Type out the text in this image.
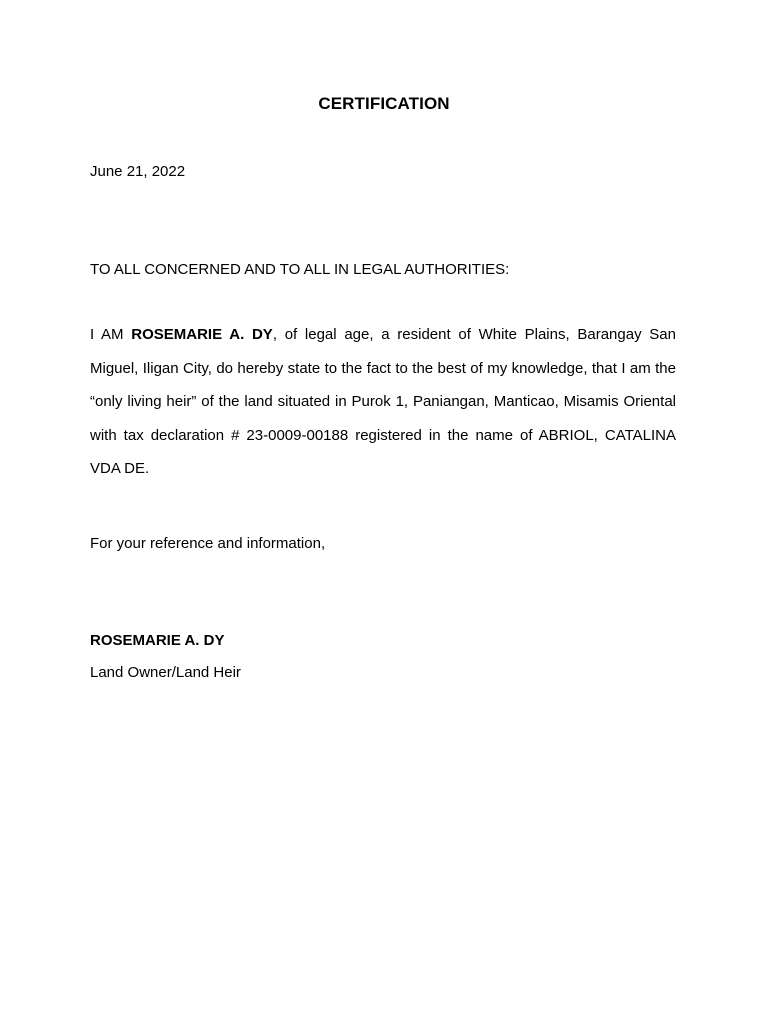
CERTIFICATION
June 21, 2022
TO ALL CONCERNED AND TO ALL IN LEGAL AUTHORITIES:

I AM ROSEMARIE A. DY, of legal age, a resident of White Plains, Barangay San Miguel, Iligan City, do hereby state to the fact to the best of my knowledge, that I am the “only living heir” of the land situated in Purok 1, Paniangan, Manticao, Misamis Oriental with tax declaration # 23-0009-00188 registered in the name of ABRIOL, CATALINA VDA DE.

For your reference and information,
ROSEMARIE A. DY
Land Owner/Land Heir
